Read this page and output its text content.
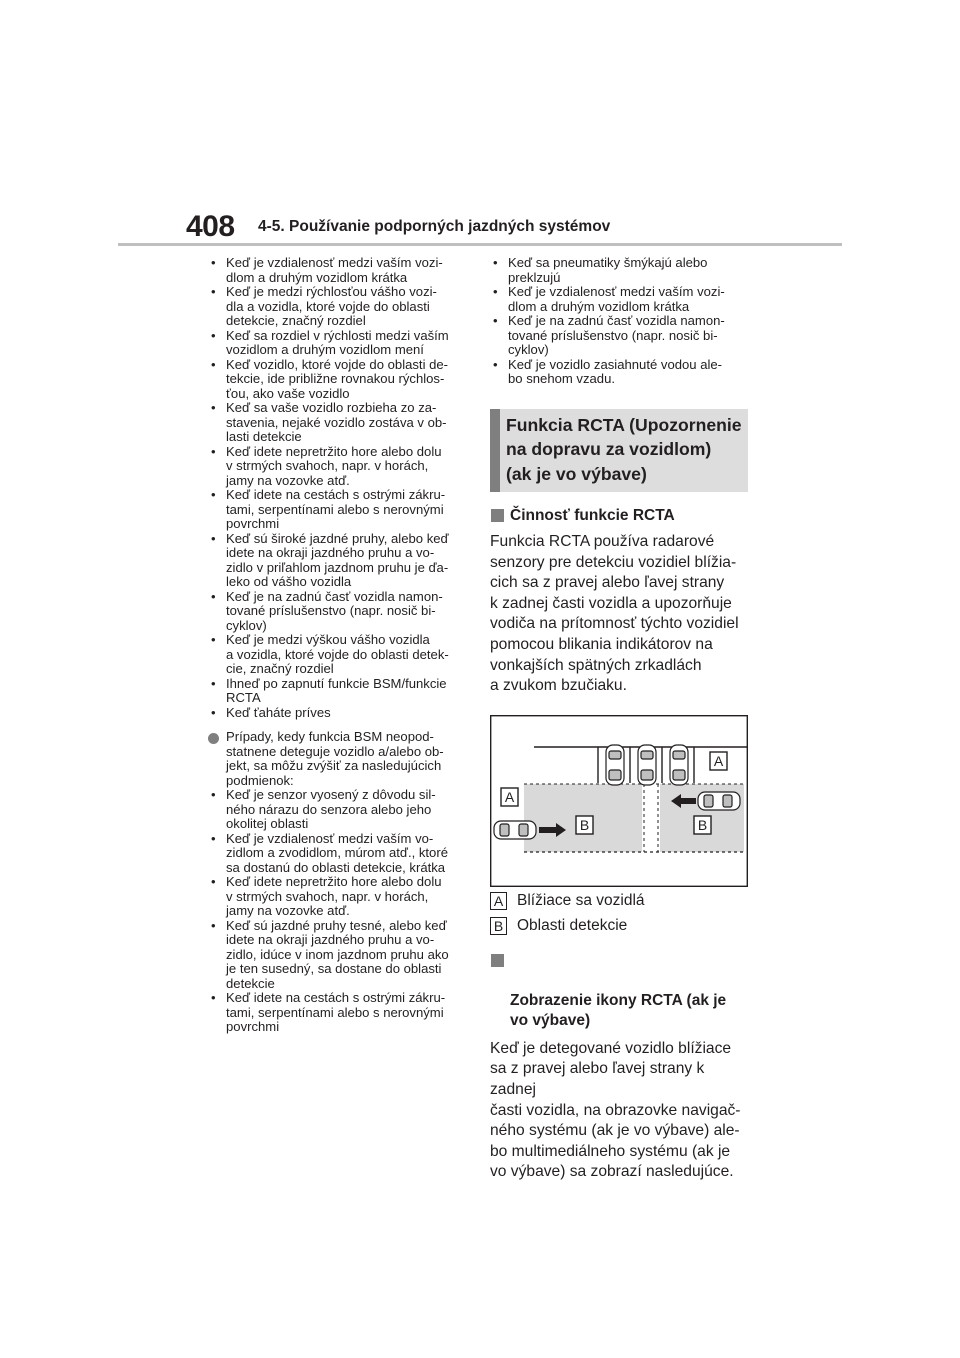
408 4-5. Používanie podporných jazdných systémov
• Keď je vzdialenosť medzi vaším vozi-
dlom a druhým vozidlom krátka
• Keď je medzi rýchlosťou vášho vozi-
dla a vozidla, ktoré vojde do oblasti
detekcie, značný rozdiel
• Keď sa rozdiel v rýchlosti medzi vaším
vozidlom a druhým vozidlom mení
• Keď vozidlo, ktoré vojde do oblasti de-
tekcie, ide približne rovnakou rýchlos-
ťou, ako vaše vozidlo
• Keď sa vaše vozidlo rozbieha zo za-
stavenia, nejaké vozidlo zostáva v ob-
lasti detekcie
• Keď idete nepretržito hore alebo dolu
v strmých svahoch, napr. v horách,
jamy na vozovke atď.
• Keď idete na cestách s ostrými zákru-
tami, serpentínami alebo s nerovnými
povrchmi
• Keď sú široké jazdné pruhy, alebo keď
idete na okraji jazdného pruhu a vo-
zidlo v priľahlom jazdnom pruhu je ďa-
leko od vášho vozidla
• Keď je na zadnú časť vozidla namon-
tované príslušenstvo (napr. nosič bi-
cyklov)
• Keď je medzi výškou vášho vozidla
a vozidla, ktoré vojde do oblasti detek-
cie, značný rozdiel
• Ihneď po zapnutí funkcie BSM/funkcie
RCTA
• Keď ťaháte príves
Prípady, kedy funkcia BSM neopod-
statnene deteguje vozidlo a/alebo ob-
jekt, sa môžu zvýšiť za nasledujúcich
podmienok:
• Keď je senzor vyosený z dôvodu sil-
ného nárazu do senzora alebo jeho
okolitej oblasti
• Keď je vzdialenosť medzi vaším vo-
zidlom a zvodidlom, múrom atď., ktoré
sa dostanú do oblasti detekcie, krátka
• Keď idete nepretržito hore alebo dolu
v strmých svahoch, napr. v horách,
jamy na vozovke atď.
• Keď sú jazdné pruhy tesné, alebo keď
idete na okraji jazdného pruhu a vo-
zidlo, idúce v inom jazdnom pruhu ako
je ten susedný, sa dostane do oblasti
detekcie
• Keď idete na cestách s ostrými zákru-
tami, serpentínami alebo s nerovnými
povrchmi
• Keď sa pneumatiky šmýkajú alebo
preklzujú
• Keď je vzdialenosť medzi vaším vozi-
dlom a druhým vozidlom krátka
• Keď je na zadnú časť vozidla namon-
tované príslušenstvo (napr. nosič bi-
cyklov)
• Keď je vozidlo zasiahnuté vodou ale-
bo snehom vzadu.
Funkcia RCTA (Upozornenie
na dopravu za vozidlom)
(ak je vo výbave)
Činnosť funkcie RCTA
Funkcia RCTA používa radarové
senzory pre detekciu vozidiel blížia-
cich sa z pravej alebo ľavej strany
k zadnej časti vozidla a upozorňuje
vodiča na prítomnosť týchto vozidiel
pomocou blikania indikátorov na
vonkajších spätných zrkadlách
a zvukom bzučiaku.
A
A
B	B
A Blížiace sa vozidlá
B Oblasti detekcie

Zobrazenie ikony RCTA (ak je
vo výbave)

Keď je detegované vozidlo blížiace
sa z pravej alebo ľavej strany k zadnej
časti vozidla, na obrazovke navigač-
ného systému (ak je vo výbave) ale-
bo multimediálneho systému (ak je
vo výbave) sa zobrazí nasledujúce.
